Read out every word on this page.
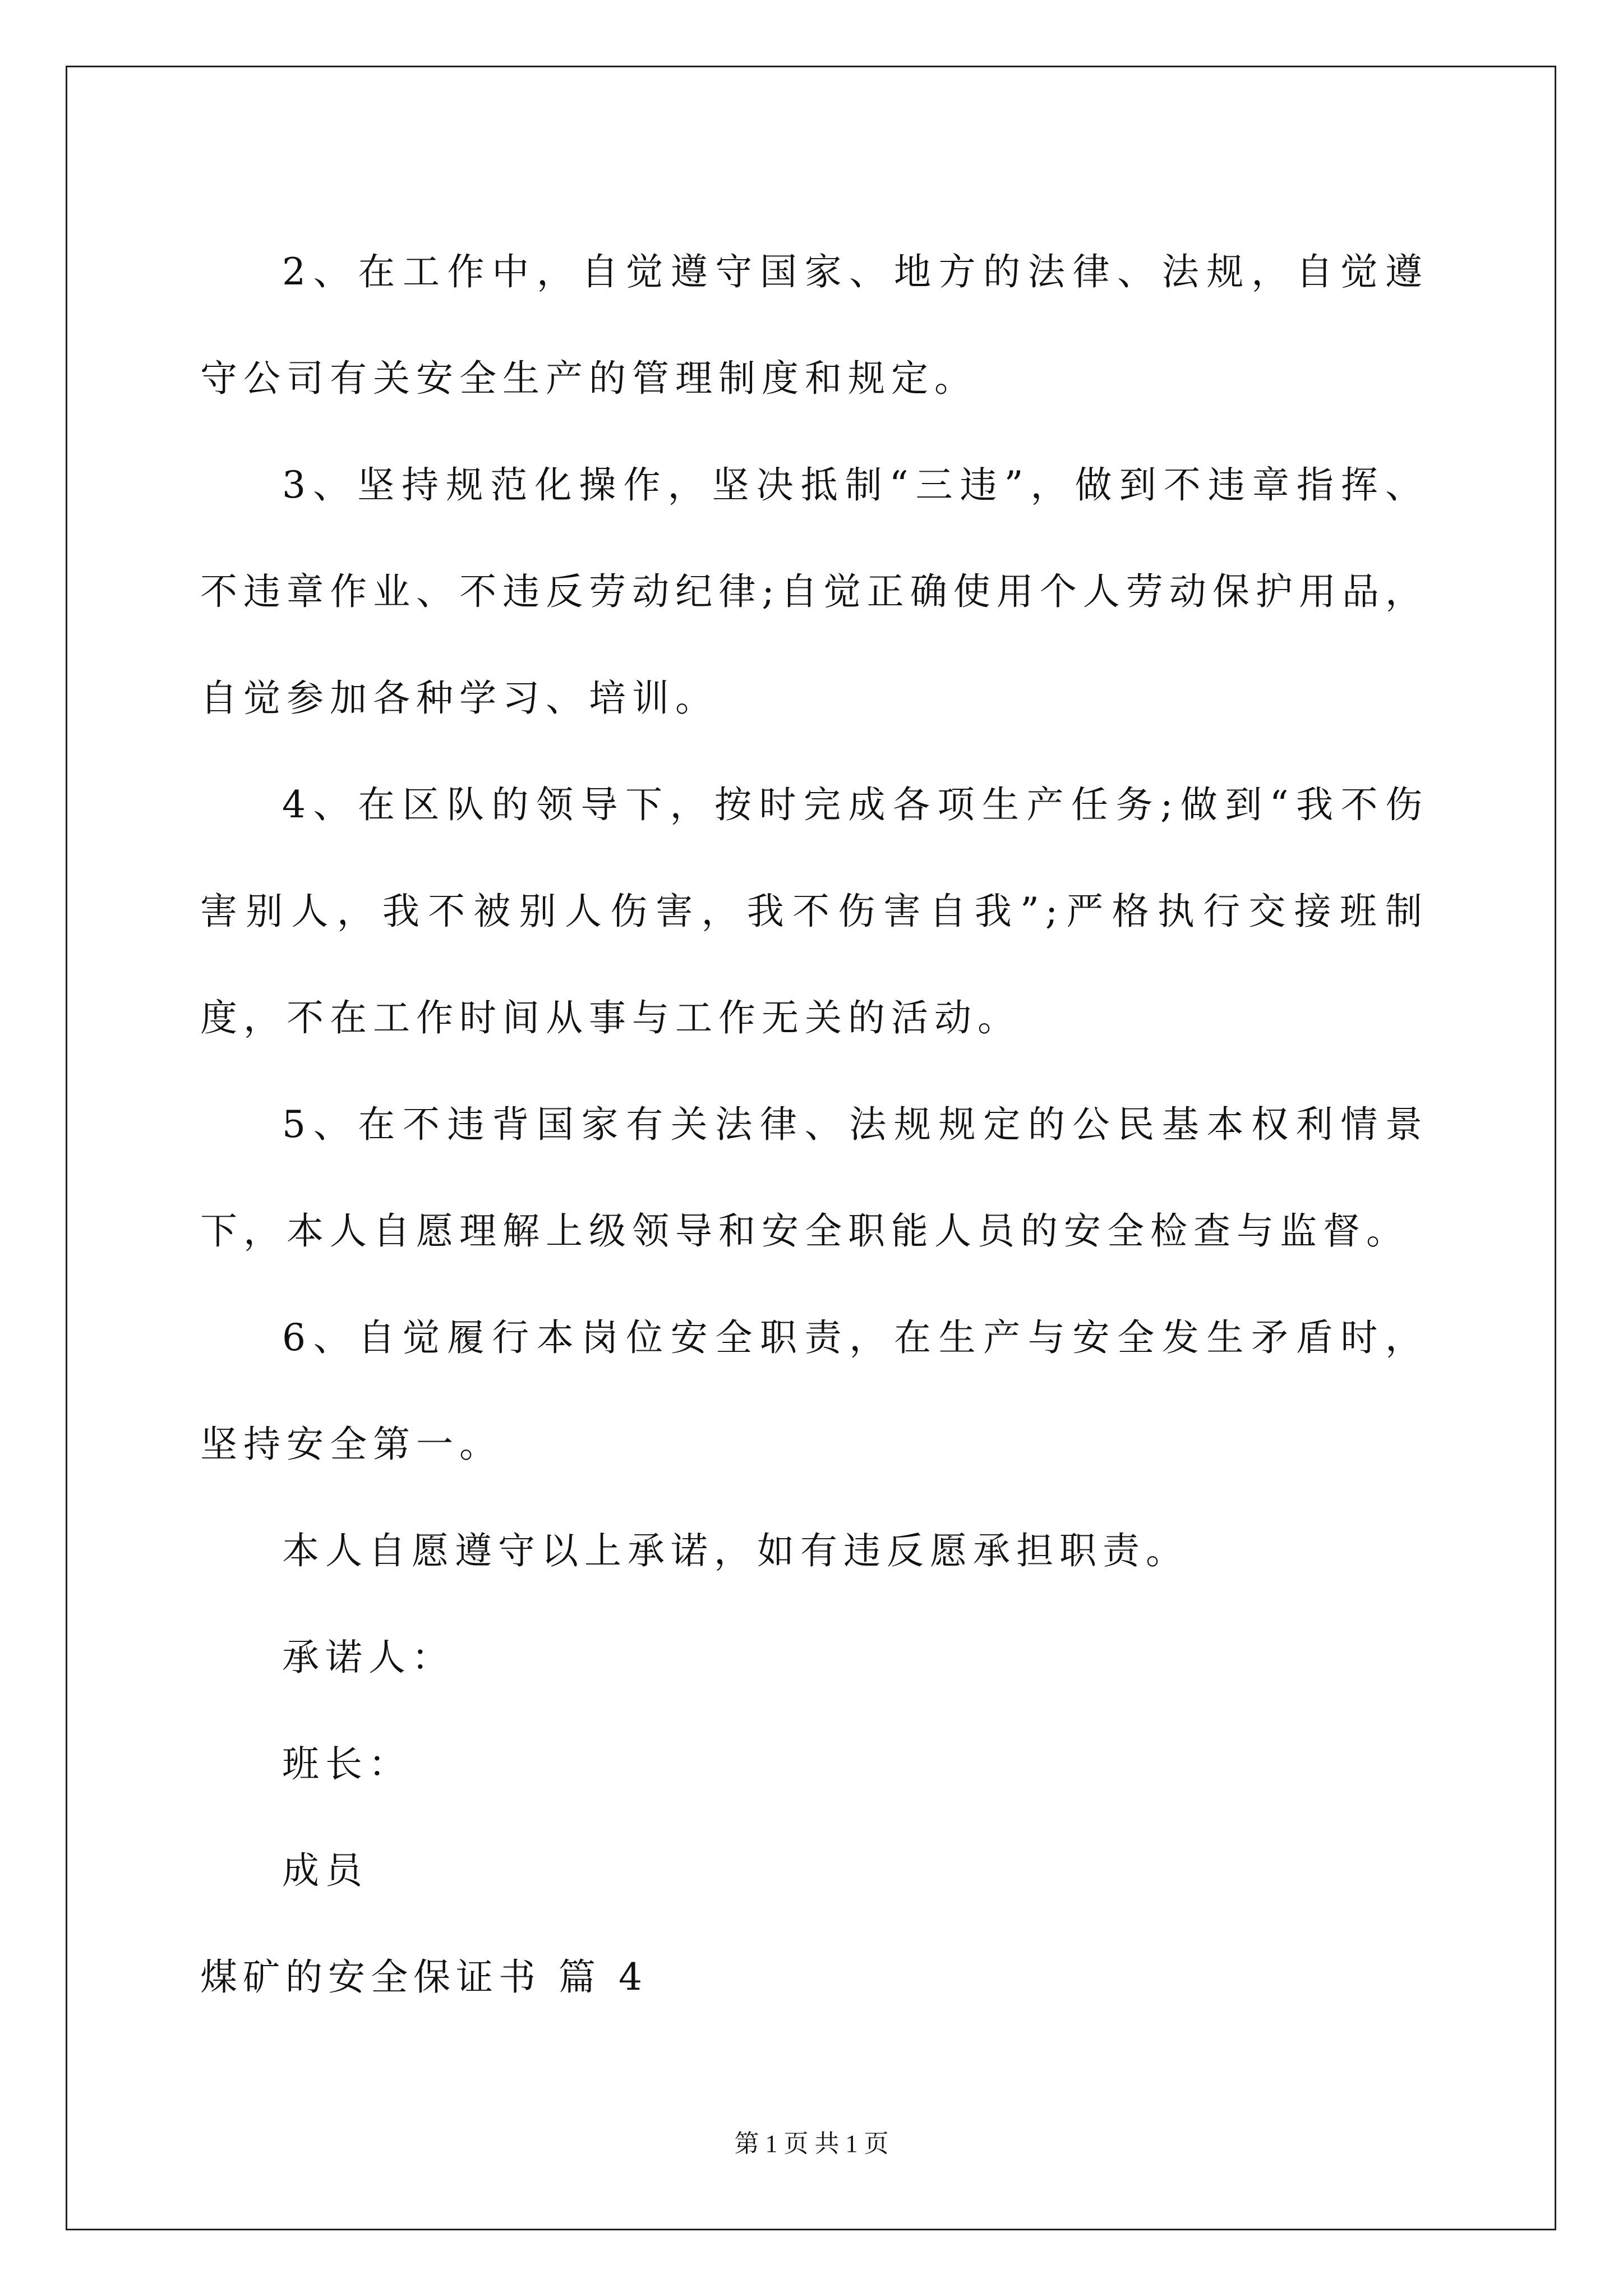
2、在工作中，自觉遵守国家、地方的法律、法规，自觉遵守公司有关安全生产的管理制度和规定。

3、坚持规范化操作，坚决抵制“三违”，做到不违章指挥、不违章作业、不违反劳动纪律;自觉正确使用个人劳动保护用品，自觉参加各种学习、培训。

4、在区队的领导下，按时完成各项生产任务;做到“我不伤害别人，我不被别人伤害，我不伤害自我”;严格执行交接班制度，不在工作时间从事与工作无关的活动。

5、在不违背国家有关法律、法规规定的公民基本权利情景下，本人自愿理解上级领导和安全职能人员的安全检查与监督。

6、自觉履行本岗位安全职责，在生产与安全发生矛盾时，坚持安全第一。

本人自愿遵守以上承诺，如有违反愿承担职责。

承诺人：

班长：

成员

煤矿的安全保证书 篇 4

第 1 页 共 1 页
